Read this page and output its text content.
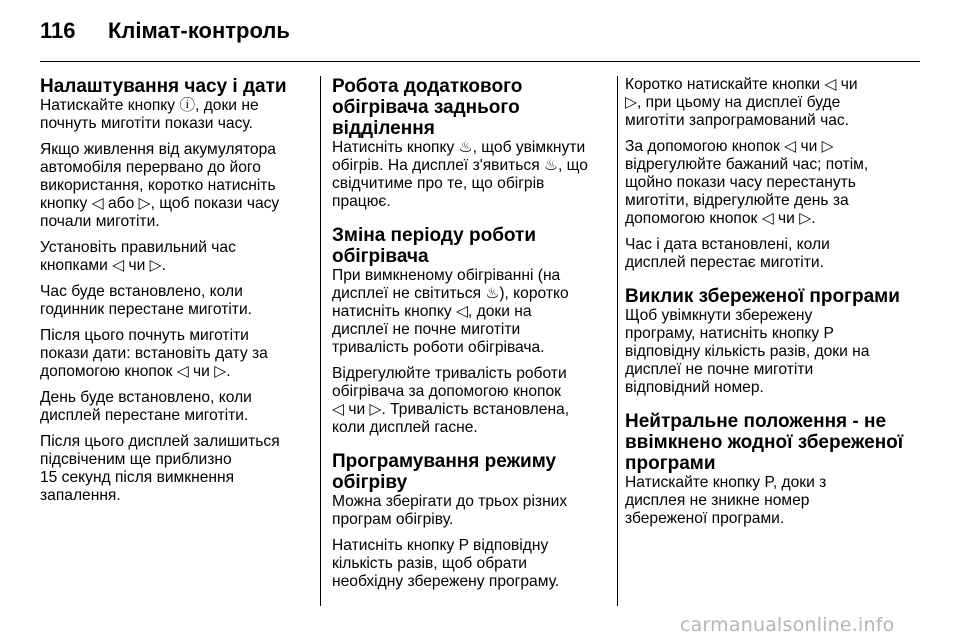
116	Клімат-контроль
Налаштування часу і дати

Натискайте кнопку ⓘ, доки не
почнуть миготіти покази часу.

Якщо живлення від акумулятора
автомобіля перервано до його
використання, коротко натисніть
кнопку ◁ або ▷, щоб покази часу
почали миготіти.

Установіть правильний час
кнопками ◁ чи ▷.

Час буде встановлено, коли
годинник перестане миготіти.

Після цього почнуть миготіти
покази дати: встановіть дату за
допомогою кнопок ◁ чи ▷.

День буде встановлено, коли
дисплей перестане миготіти.

Після цього дисплей залишиться
підсвіченим ще приблизно
15 секунд після вимкнення
запалення.

Робота додаткового
обігрівача заднього
відділення

Натисніть кнопку ♨, щоб увімкнути
обігрів. На дисплеї з'явиться ♨, що
свідчитиме про те, що обігрів
працює.

Зміна періоду роботи
обігрівача

При вимкненому обігріванні (на
дисплеї не світиться ♨), коротко
натисніть кнопку ◁, доки на
дисплеї не почне миготіти
тривалість роботи обігрівача.

Відрегулюйте тривалість роботи
обігрівача за допомогою кнопок
◁ чи ▷. Тривалість встановлена,
коли дисплей гасне.

Програмування режиму
обігріву

Можна зберігати до трьох різних
програм обігріву.

Натисніть кнопку P відповідну
кількість разів, щоб обрати
необхідну збережену програму.

Коротко натискайте кнопки ◁ чи
▷, при цьому на дисплеї буде
миготіти запрограмований час.

За допомогою кнопок ◁ чи ▷
відрегулюйте бажаний час; потім,
щойно покази часу перестануть
миготіти, відрегулюйте день за
допомогою кнопок ◁ чи ▷.

Час і дата встановлені, коли
дисплей перестає миготіти.

Виклик збереженої програми

Щоб увімкнути збережену
програму, натисніть кнопку P
відповідну кількість разів, доки на
дисплеї не почне миготіти
відповідний номер.

Нейтральне положення - не
ввімкнено жодної збереженої
програми

Натискайте кнопку P, доки з
дисплея не зникне номер
збереженої програми.

carmanualsonline.info
